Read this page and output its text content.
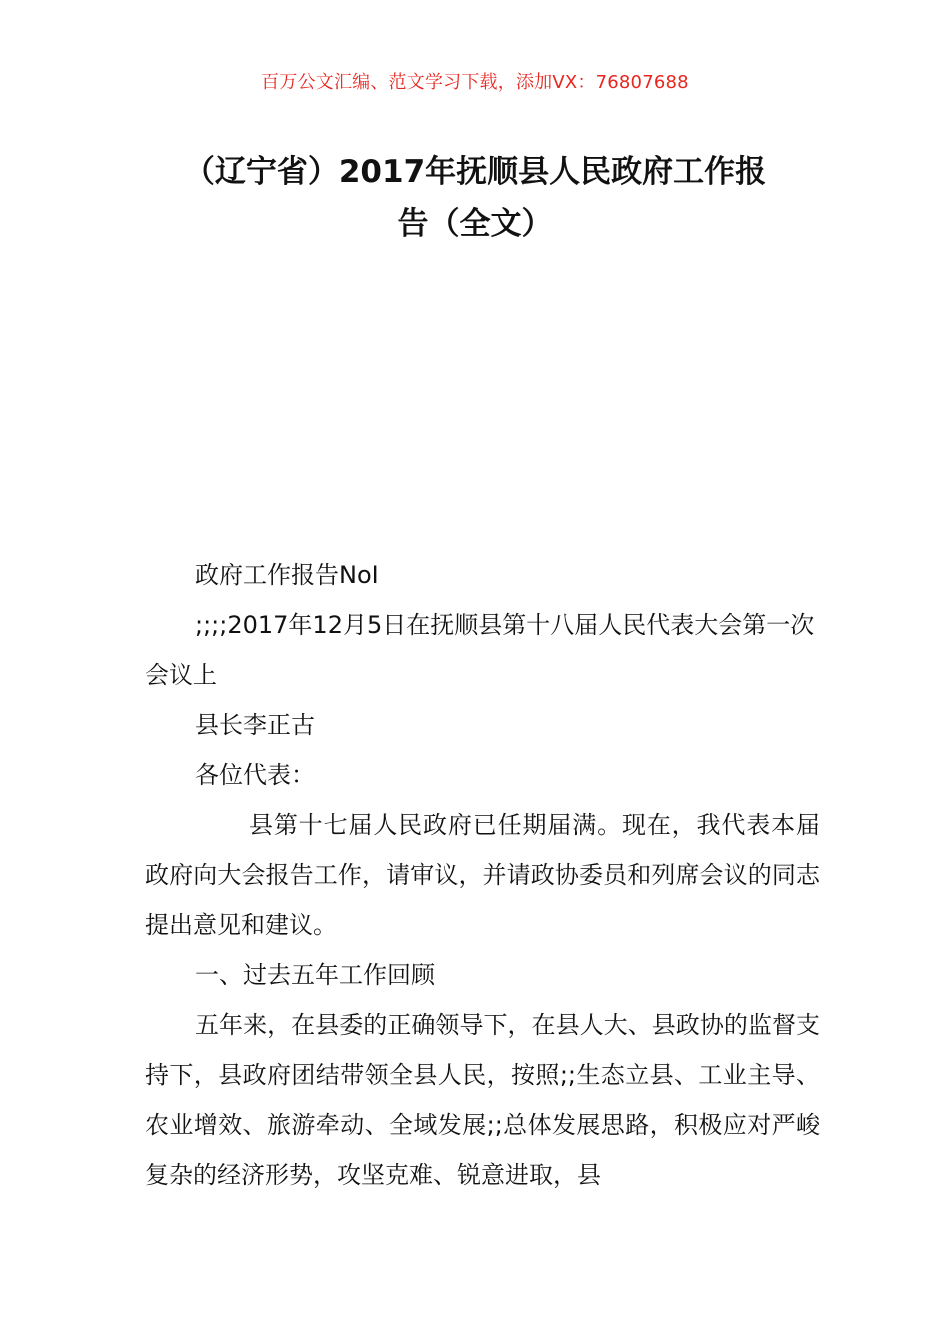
百万公文汇编、范文学习下载，添加VX：76807688
（辽宁省）2017年抚顺县人民政府工作报
告（全文）

政府工作报告NoI

;;;;2017年12月5日在抚顺县第十八届人民代表大会第一次会议上

县长李正古

各位代表：

县第十七届人民政府已任期届满。现在，我代表本届政府向大会报告工作，请审议，并请政协委员和列席会议的同志提出意见和建议。

一、过去五年工作回顾

五年来，在县委的正确领导下，在县人大、县政协的监督支持下，县政府团结带领全县人民，按照;;生态立县、工业主导、农业增效、旅游牵动、全域发展;;总体发展思路，积极应对严峻复杂的经济形势，攻坚克难、锐意进取，县
